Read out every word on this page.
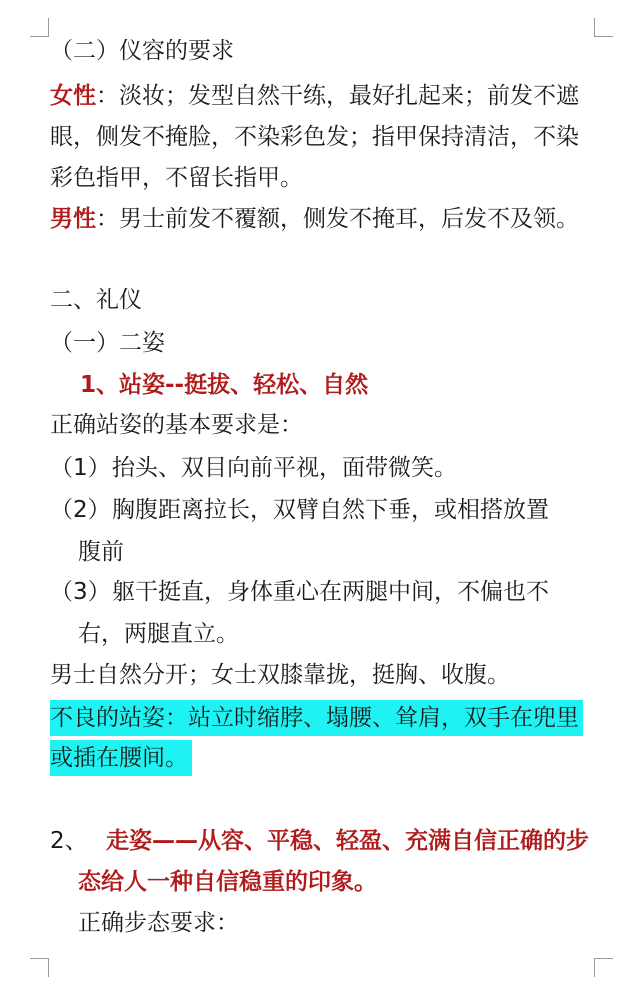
（二）仪容的要求
女性：淡妆；发型自然干练，最好扎起来；前发不遮
眼，侧发不掩脸，不染彩色发；指甲保持清洁，不染
彩色指甲，不留长指甲。
男性：男士前发不覆额，侧发不掩耳，后发不及领。
二、礼仪
（一）二姿
1、站姿--挺拔、轻松、自然
正确站姿的基本要求是：
（1）抬头、双目向前平视，面带微笑。
（2）胸腹距离拉长，双臂自然下垂，或相搭放置
腹前
（3）躯干挺直，身体重心在两腿中间，不偏也不
右，两腿直立。
男士自然分开；女士双膝靠拢，挺胸、收腹。
不良的站姿：站立时缩脖、塌腰、耸肩，双手在兜里
或插在腰间。
2、 走姿——从容、平稳、轻盈、充满自信正确的步
态给人一种自信稳重的印象。
正确步态要求：
